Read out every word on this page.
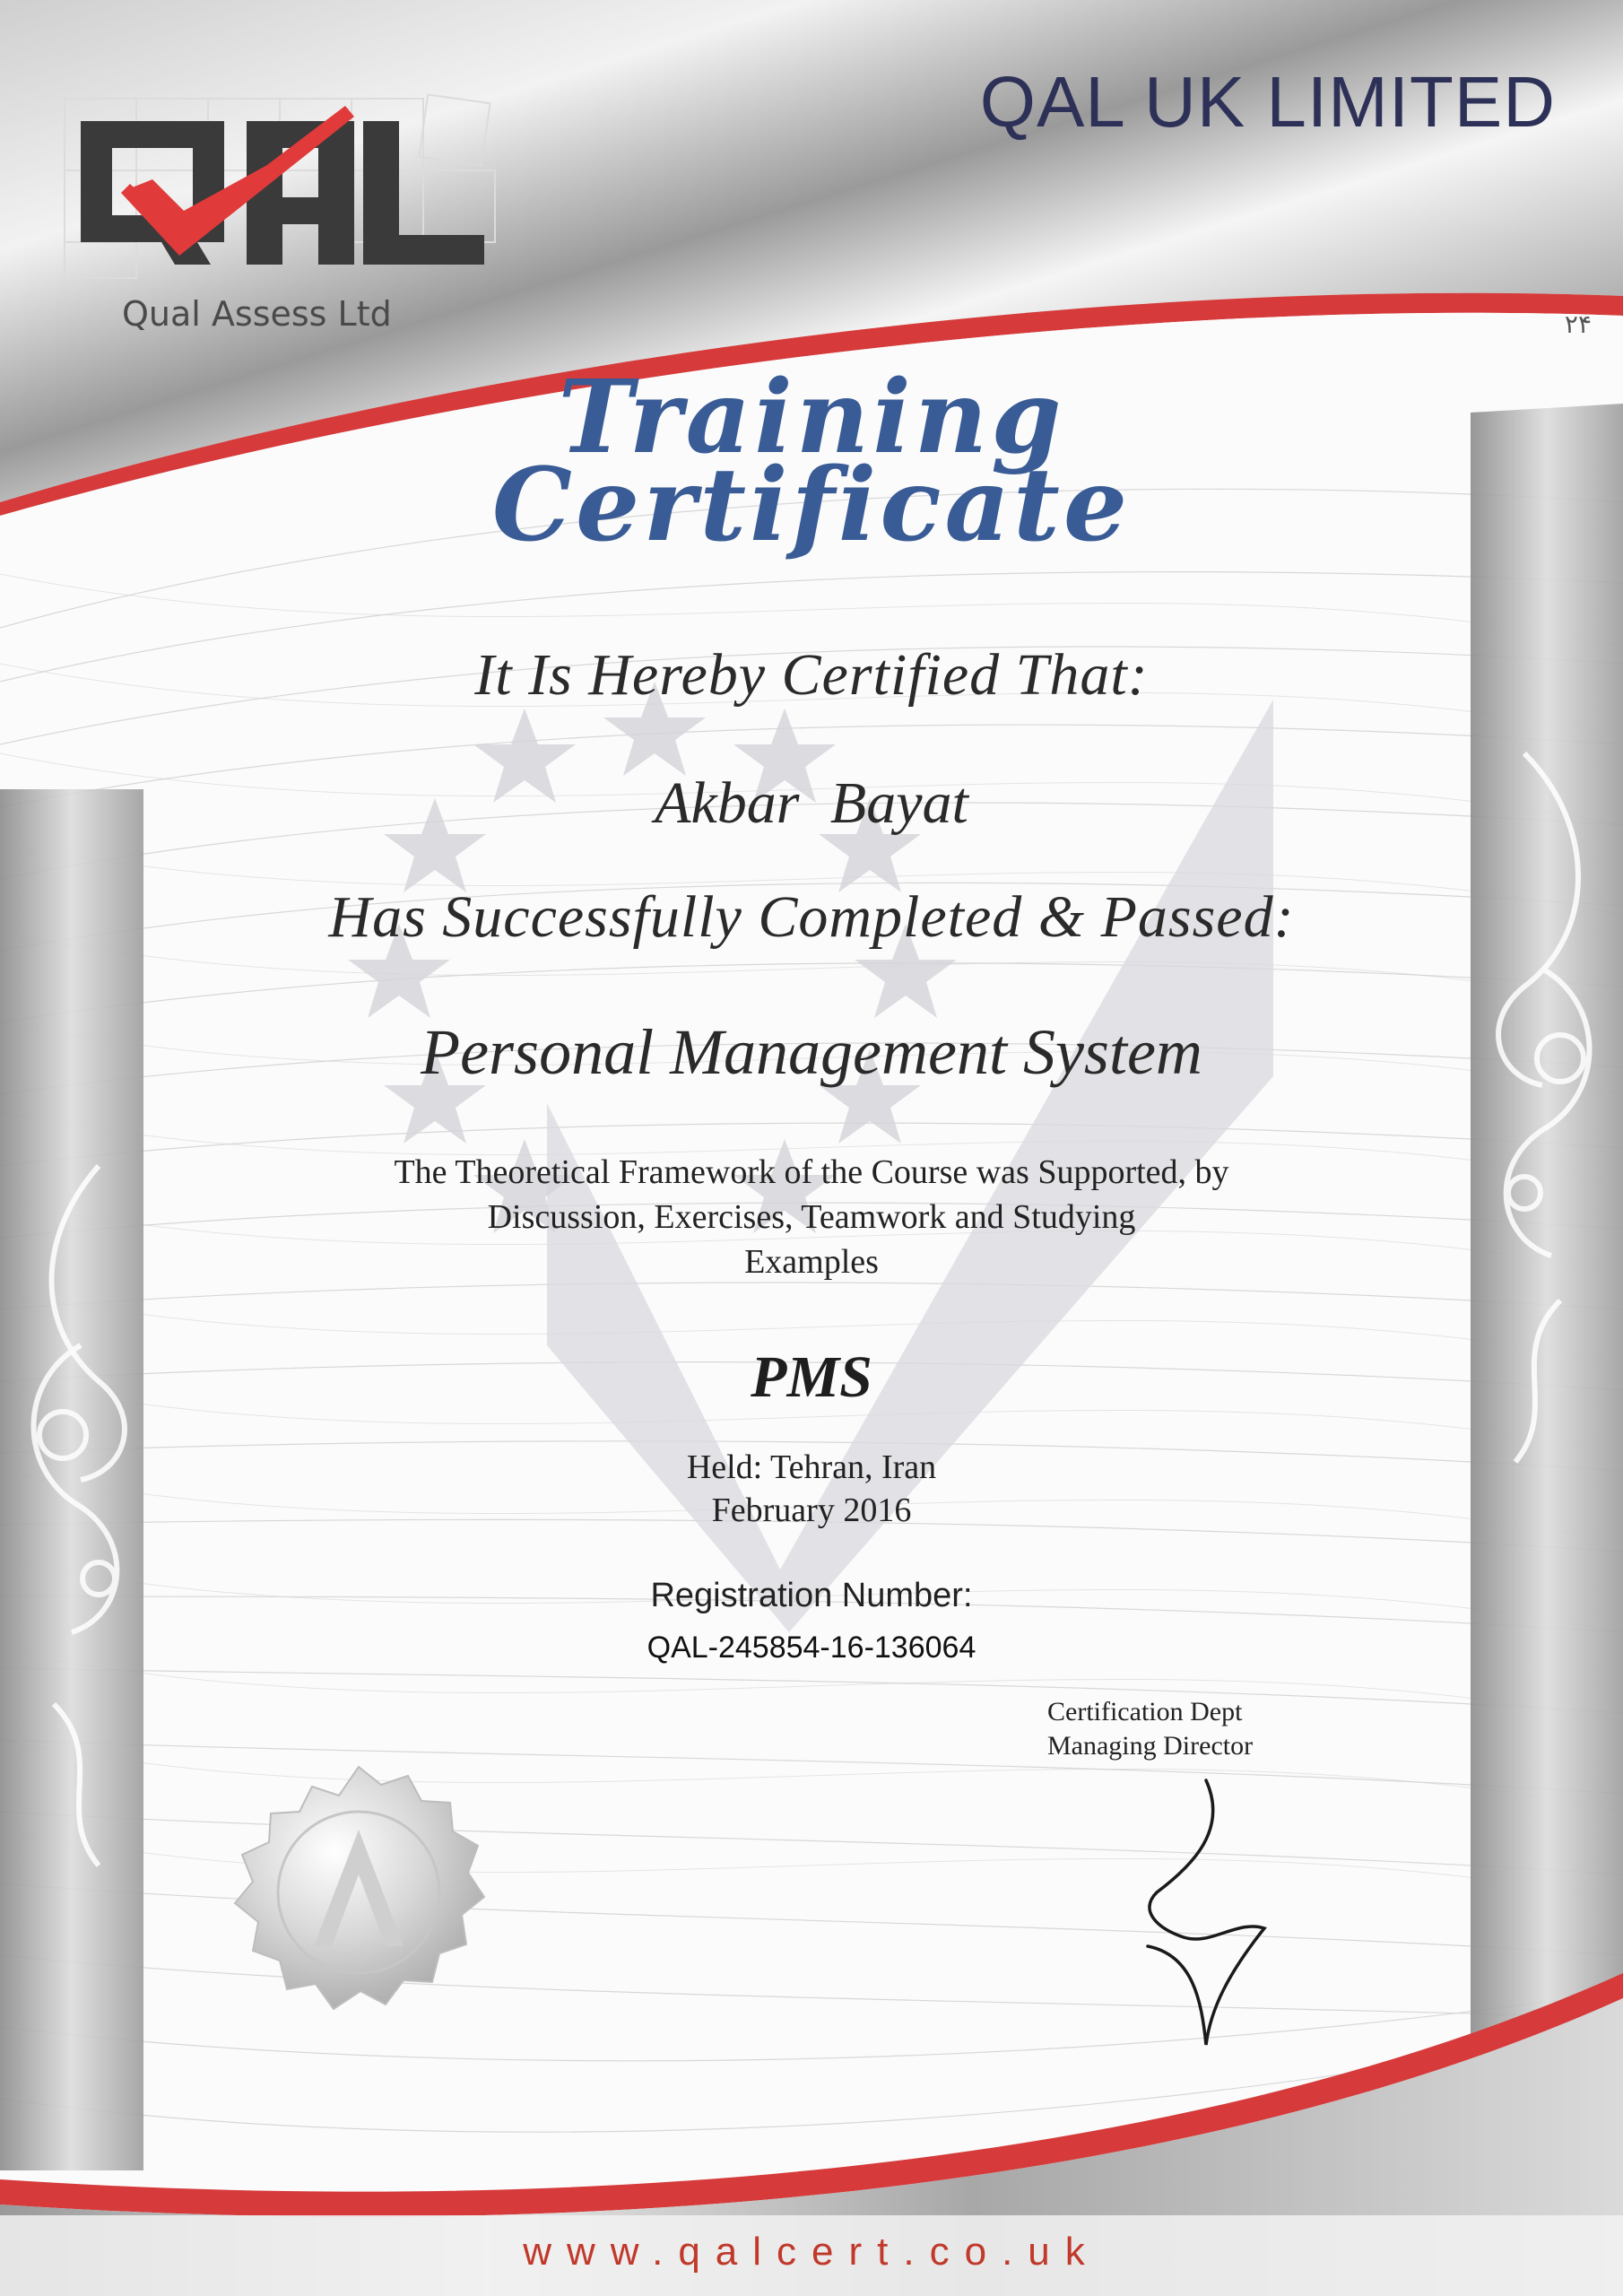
Qual Assess Ltd
QAL UK LIMITED
۲۴
Training
Certificate
It Is Hereby Certified That:
Akbar Bayat
Has Successfully Completed & Passed:
Personal Management System
The Theoretical Framework of the Course was Supported, by
Discussion, Exercises, Teamwork and Studying
Examples
PMS
Held: Tehran, Iran
February 2016
Registration Number:
QAL-245854-16-136064
Certification Dept
Managing Director
www.qalcert.co.uk
